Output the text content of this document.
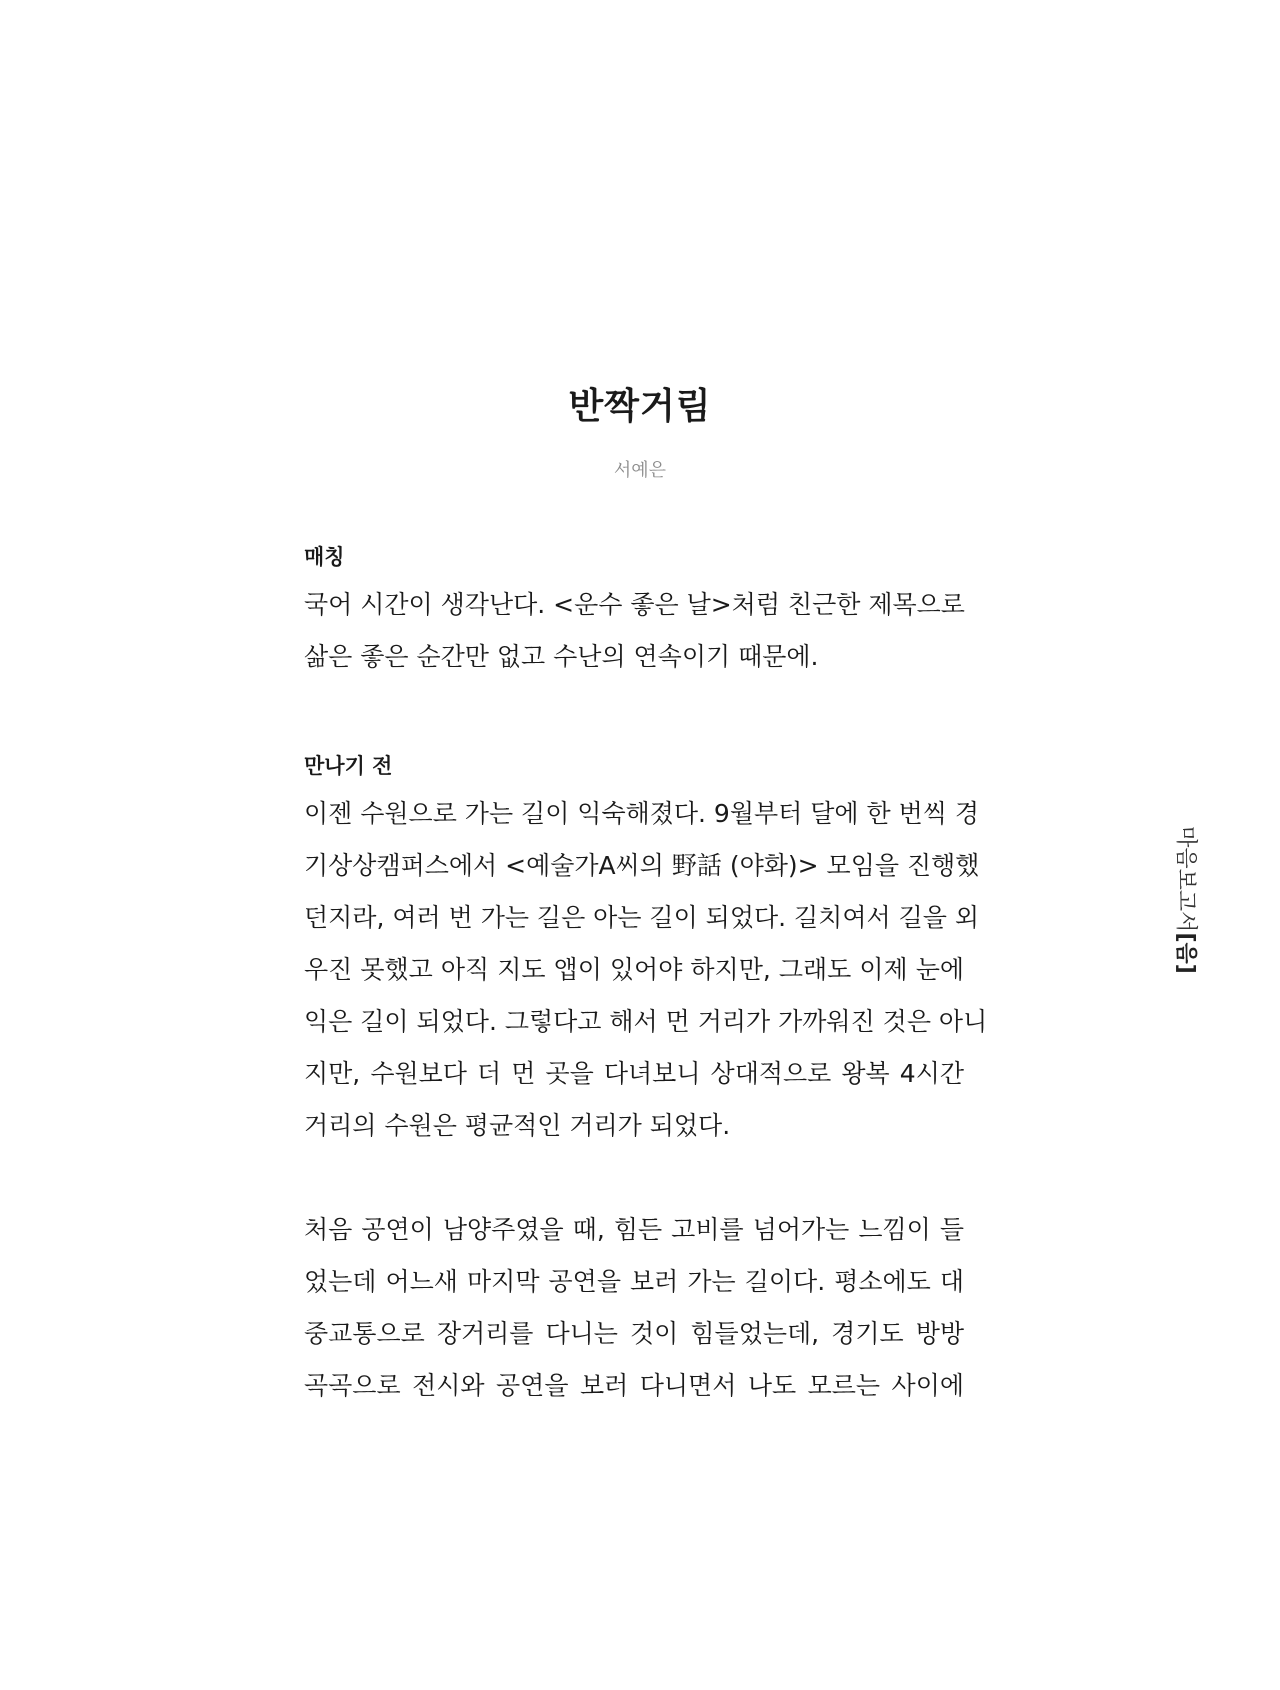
반짝거림
서예은
매칭
국어 시간이 생각난다. <운수 좋은 날>처럼 친근한 제목으로
삶은 좋은 순간만 없고 수난의 연속이기 때문에.
만나기 전
이젠 수원으로 가는 길이 익숙해졌다. 9월부터 달에 한 번씩 경
기상상캠퍼스에서 <예술가A씨의 野話 (야화)> 모임을 진행했
던지라, 여러 번 가는 길은 아는 길이 되었다. 길치여서 길을 외
우진 못했고 아직 지도 앱이 있어야 하지만, 그래도 이제 눈에
익은 길이 되었다. 그렇다고 해서 먼 거리가 가까워진 것은 아니
지만, 수원보다 더 먼 곳을 다녀보니 상대적으로 왕복 4시간
거리의 수원은 평균적인 거리가 되었다.
처음 공연이 남양주였을 때, 힘든 고비를 넘어가는 느낌이 들
었는데 어느새 마지막 공연을 보러 가는 길이다. 평소에도 대
중교통으로 장거리를 다니는 것이 힘들었는데, 경기도 방방
곡곡으로 전시와 공연을 보러 다니면서 나도 모르는 사이에
마음보고서[음]
